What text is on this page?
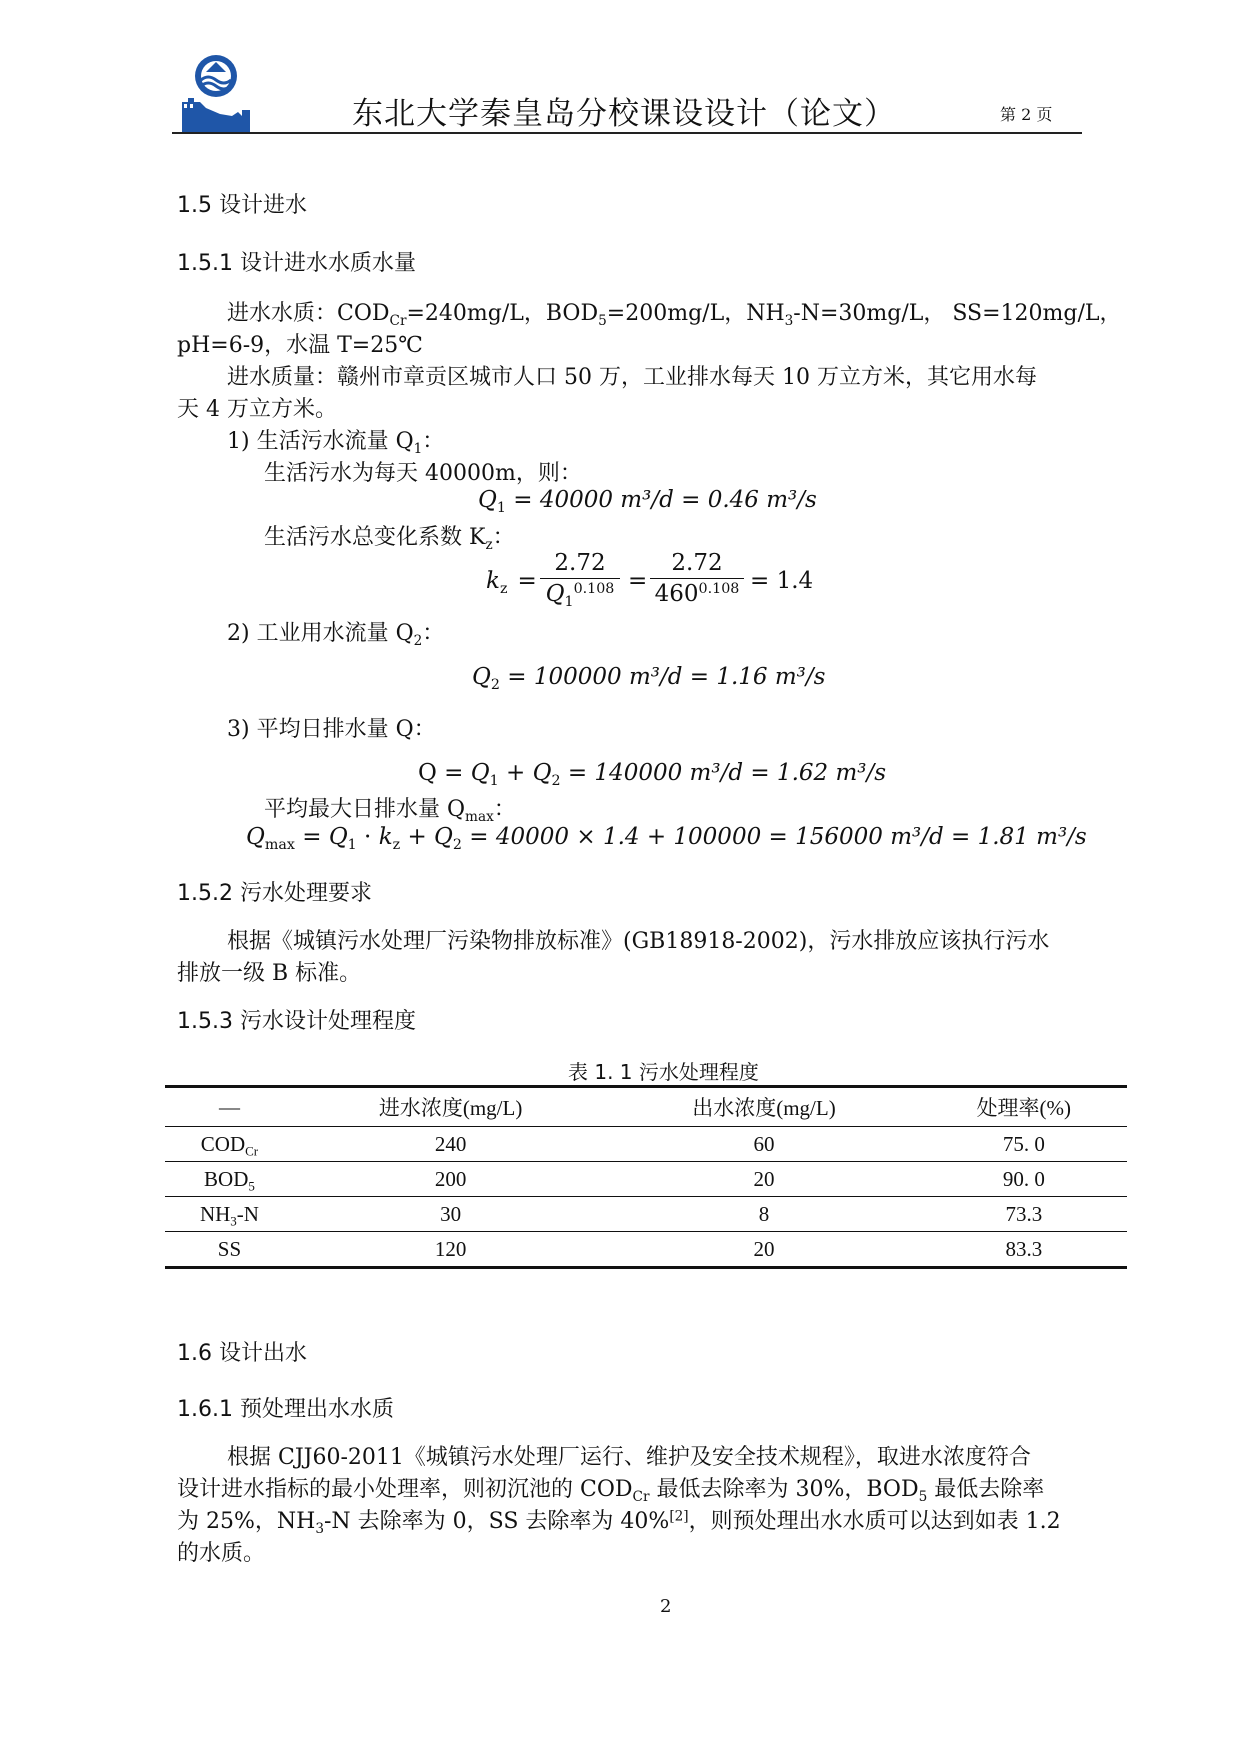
东北大学秦皇岛分校课设设计（论文）	第 2 页
1.5 设计进水
1.5.1 设计进水水质水量
进水水质：$COD_{Cr}=240mg/L$，$BOD_5=200mg/L$，$NH_3-N=30mg/L$， SS=120mg/L，
pH=6-9，水温 T=25℃
进水质量：赣州市章贡区城市人口 50 万，工业排水每天 10 万立方米，其它用水每
天 4 万立方米。
1) 生活污水流量 $Q_1$：
生活污水为每天 40000m，则：
$Q_1 = 40000$ m³/d = 0.46 m³/s
生活污水总变化系数 $K_z$：
$k_z = \frac{2.72}{Q_1^{0.108}} = \frac{2.72}{460^{0.108}} = 1.4$
2) 工业用水流量 $Q_2$：
$Q_2 = 100000$ m³/d = 1.16 m³/s
3) 平均日排水量 Q：
$Q = Q_1 + Q_2 = 140000$ m³/d = 1.62 m³/s
平均最大日排水量 $Q_{max}$：
$Q_{max} = Q_1 \cdot k_z + Q_2 = 40000 \times 1.4 + 100000 = 156000$ m³/d = 1.81 m³/s
1.5.2 污水处理要求
根据《城镇污水处理厂污染物排放标准》(GB18918-2002)，污水排放应该执行污水
排放一级 B 标准。
1.5.3 污水设计处理程度
表 1. 1 污水处理程度
—	进水浓度(mg/L)	出水浓度(mg/L)	处理率(%)
$COD_{Cr}$	240	60	75. 0
$BOD_5$	200	20	90. 0
$NH_3-N$	30	8	73.3
SS	120	20	83.3
1.6 设计出水
1.6.1 预处理出水水质
根据 CJJ60-2011《城镇污水处理厂运行、维护及安全技术规程》，取进水浓度符合
设计进水指标的最小处理率，则初沉池的 $COD_{Cr}$ 最低去除率为 30%，$BOD_5$ 最低去除率
为 25%，$NH_3-N$ 去除率为 0，SS 去除率为 40%[2]，则预处理出水水质可以达到如表 1.2
的水质。
2
